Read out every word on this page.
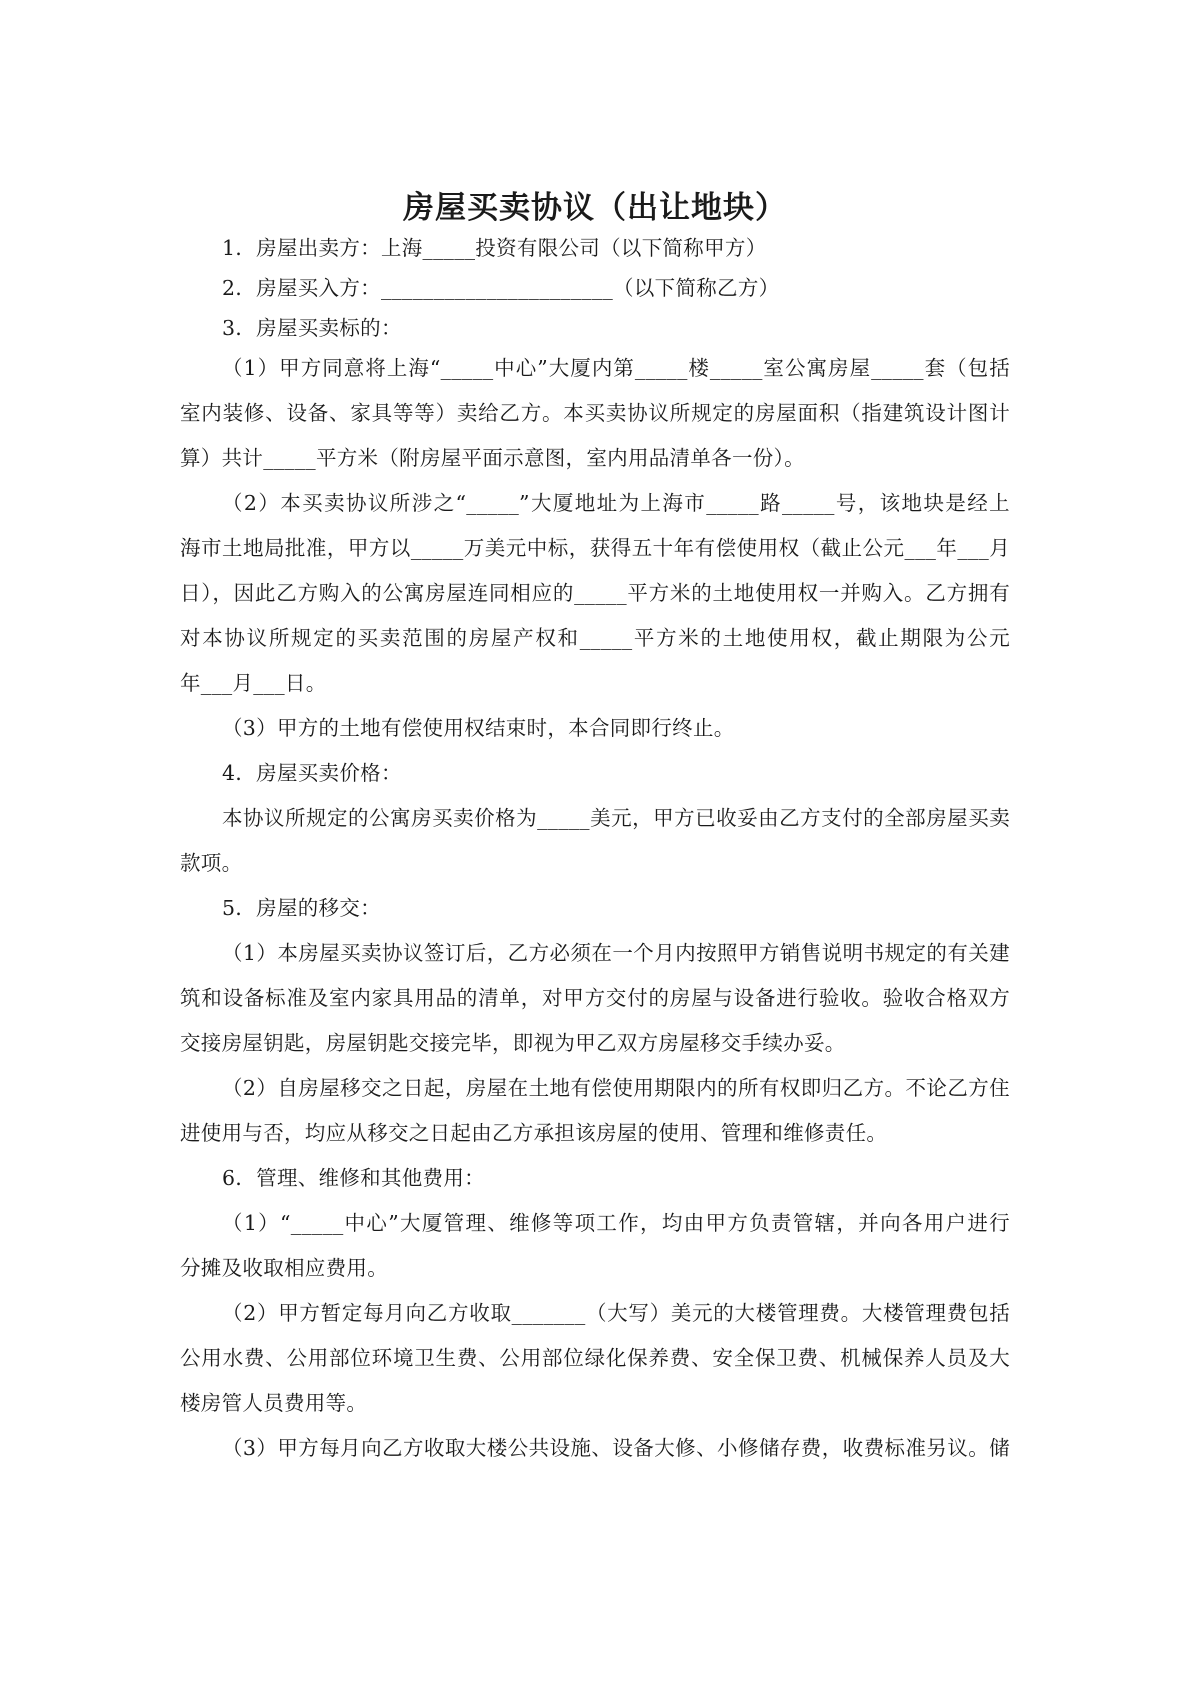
房屋买卖协议（出让地块）
1．房屋出卖方：上海_____投资有限公司（以下简称甲方）
2．房屋买入方：______________________（以下简称乙方）
3．房屋买卖标的：
（1）甲方同意将上海“_____中心”大厦内第_____楼_____室公寓房屋_____套（包括
室内装修、设备、家具等等）卖给乙方。本买卖协议所规定的房屋面积（指建筑设计图计
算）共计_____平方米（附房屋平面示意图，室内用品清单各一份）。
（2）本买卖协议所涉之“_____”大厦地址为上海市_____路_____号，该地块是经上
海市土地局批准，甲方以_____万美元中标，获得五十年有偿使用权（截止公元___年___月
日），因此乙方购入的公寓房屋连同相应的_____平方米的土地使用权一并购入。乙方拥有
对本协议所规定的买卖范围的房屋产权和_____平方米的土地使用权，截止期限为公元
年___月___日。
（3）甲方的土地有偿使用权结束时，本合同即行终止。
4．房屋买卖价格：
本协议所规定的公寓房买卖价格为_____美元，甲方已收妥由乙方支付的全部房屋买卖
款项。
5．房屋的移交：
（1）本房屋买卖协议签订后，乙方必须在一个月内按照甲方销售说明书规定的有关建
筑和设备标准及室内家具用品的清单，对甲方交付的房屋与设备进行验收。验收合格双方
交接房屋钥匙，房屋钥匙交接完毕，即视为甲乙双方房屋移交手续办妥。
（2）自房屋移交之日起，房屋在土地有偿使用期限内的所有权即归乙方。不论乙方住
进使用与否，均应从移交之日起由乙方承担该房屋的使用、管理和维修责任。
6．管理、维修和其他费用：
（1）“_____中心”大厦管理、维修等项工作，均由甲方负责管辖，并向各用户进行
分摊及收取相应费用。
（2）甲方暂定每月向乙方收取_______（大写）美元的大楼管理费。大楼管理费包括
公用水费、公用部位环境卫生费、公用部位绿化保养费、安全保卫费、机械保养人员及大
楼房管人员费用等。
（3）甲方每月向乙方收取大楼公共设施、设备大修、小修储存费，收费标准另议。储
